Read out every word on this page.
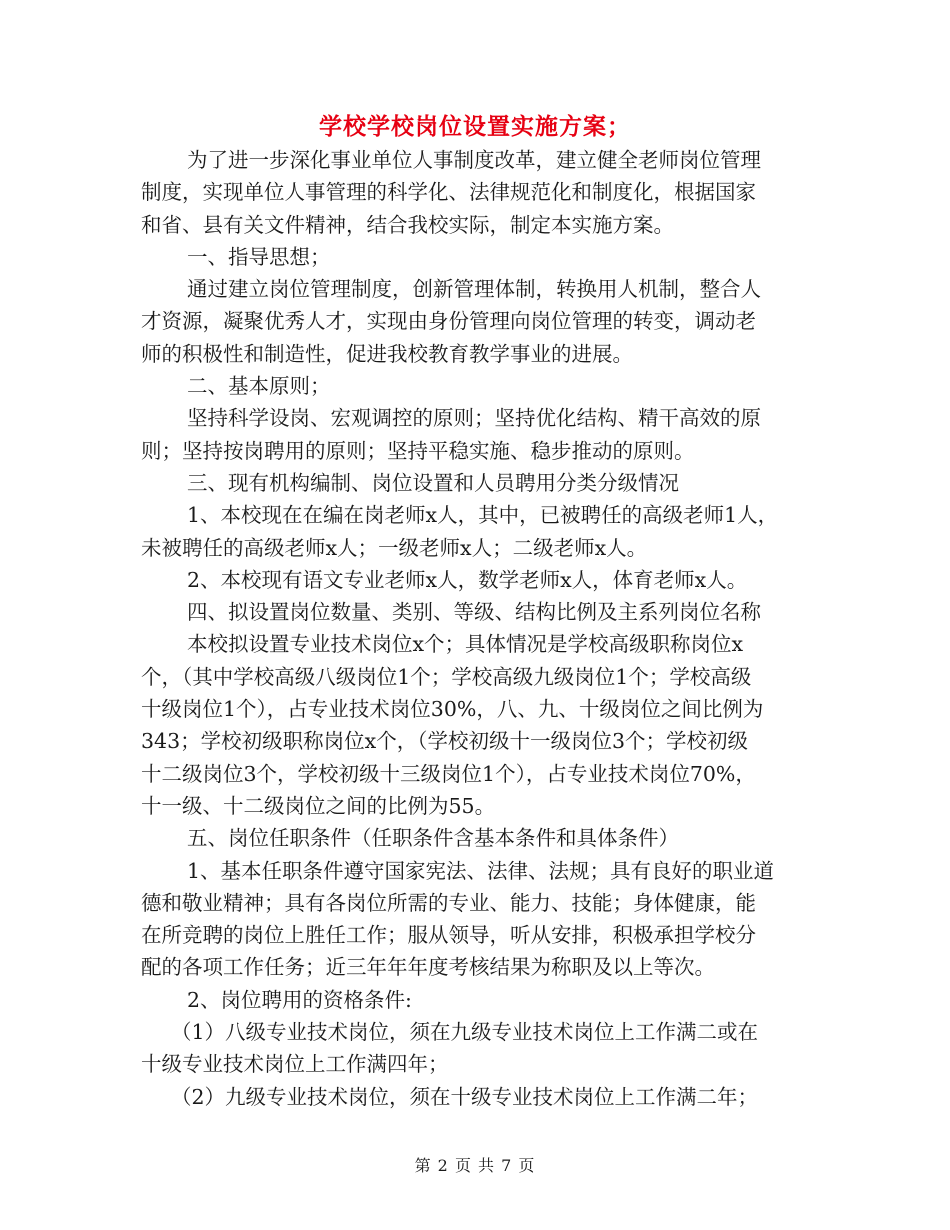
学校学校岗位设置实施方案；
为了进一步深化事业单位人事制度改革，建立健全老师岗位管理
制度，实现单位人事管理的科学化、法律规范化和制度化，根据国家
和省、县有关文件精神，结合我校实际，制定本实施方案。
一、指导思想；
通过建立岗位管理制度，创新管理体制，转换用人机制，整合人
才资源，凝聚优秀人才，实现由身份管理向岗位管理的转变，调动老
师的积极性和制造性，促进我校教育教学事业的进展。
二、基本原则；
坚持科学设岗、宏观调控的原则；坚持优化结构、精干高效的原
则；坚持按岗聘用的原则；坚持平稳实施、稳步推动的原则。
三、现有机构编制、岗位设置和人员聘用分类分级情况
1、本校现在在编在岗老师x人，其中，已被聘任的高级老师1人，
未被聘任的高级老师x人；一级老师x人；二级老师x人。
2、本校现有语文专业老师x人，数学老师x人，体育老师x人。
四、拟设置岗位数量、类别、等级、结构比例及主系列岗位名称
本校拟设置专业技术岗位x个；具体情况是学校高级职称岗位x
个，（其中学校高级八级岗位1个；学校高级九级岗位1个；学校高级
十级岗位1个），占专业技术岗位30%，八、九、十级岗位之间比例为
343；学校初级职称岗位x个，（学校初级十一级岗位3个；学校初级
十二级岗位3个，学校初级十三级岗位1个），占专业技术岗位70%，
十一级、十二级岗位之间的比例为55。
五、岗位任职条件（任职条件含基本条件和具体条件）
1、基本任职条件遵守国家宪法、法律、法规；具有良好的职业道
德和敬业精神；具有各岗位所需的专业、能力、技能；身体健康，能
在所竞聘的岗位上胜任工作；服从领导，听从安排，积极承担学校分
配的各项工作任务；近三年年年度考核结果为称职及以上等次。
2、岗位聘用的资格条件:
（1）八级专业技术岗位，须在九级专业技术岗位上工作满二或在
十级专业技术岗位上工作满四年；
（2）九级专业技术岗位，须在十级专业技术岗位上工作满二年；
第 2 页 共 7 页
